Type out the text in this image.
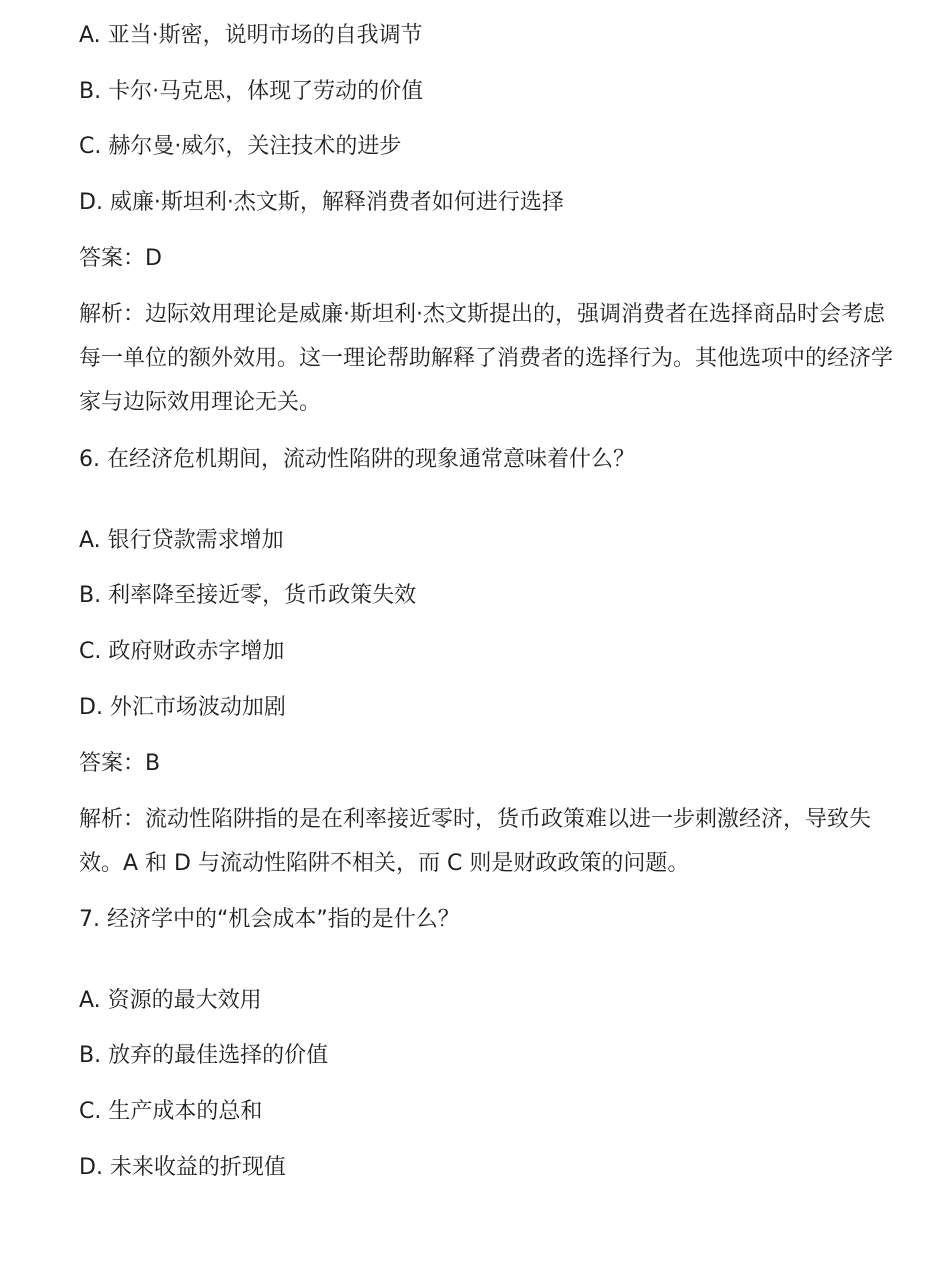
A. 亚当·斯密，说明市场的自我调节
B. 卡尔·马克思，体现了劳动的价值
C. 赫尔曼·威尔，关注技术的进步
D. 威廉·斯坦利·杰文斯，解释消费者如何进行选择
答案：D
解析：边际效用理论是威廉·斯坦利·杰文斯提出的，强调消费者在选择商品时会考虑每一单位的额外效用。这一理论帮助解释了消费者的选择行为。其他选项中的经济学家与边际效用理论无关。
6. 在经济危机期间，流动性陷阱的现象通常意味着什么？
A. 银行贷款需求增加
B. 利率降至接近零，货币政策失效
C. 政府财政赤字增加
D. 外汇市场波动加剧
答案：B
解析：流动性陷阱指的是在利率接近零时，货币政策难以进一步刺激经济，导致失效。A 和 D 与流动性陷阱不相关，而 C 则是财政政策的问题。
7. 经济学中的“机会成本”指的是什么？
A. 资源的最大效用
B. 放弃的最佳选择的价值
C. 生产成本的总和
D. 未来收益的折现值
